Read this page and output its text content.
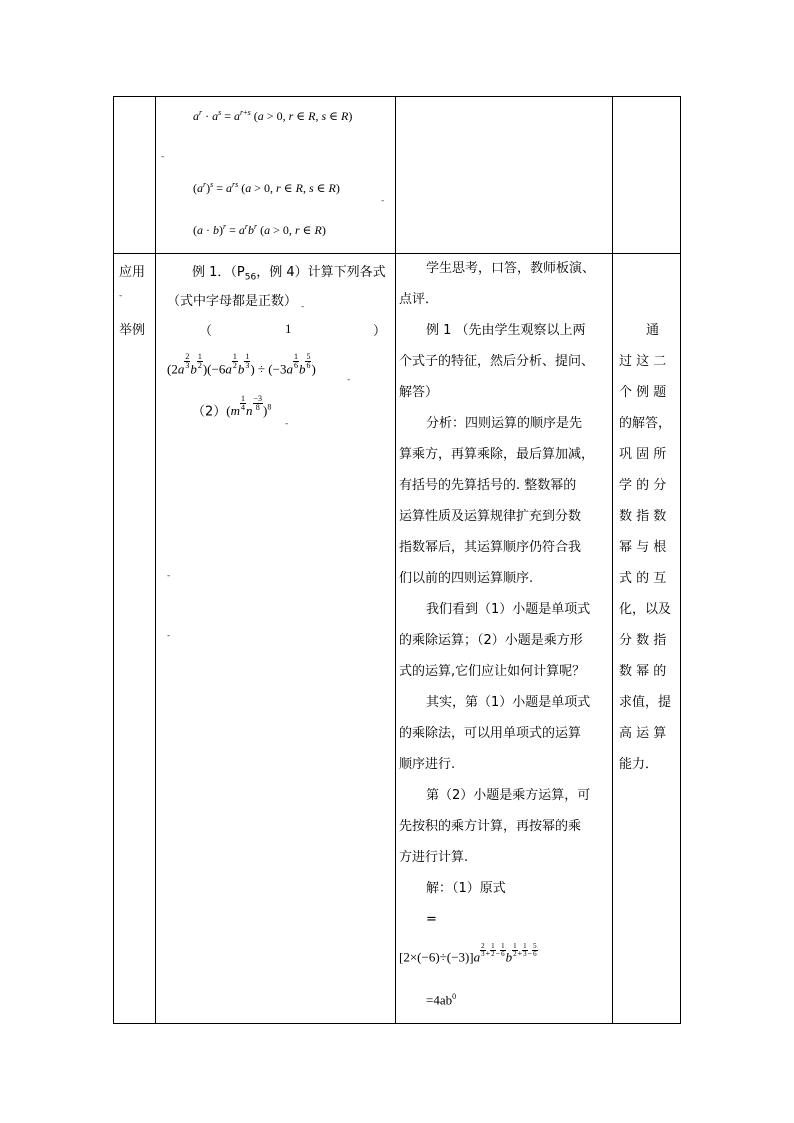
$a^r \cdot a^s = a^{r+s}$ (a > 0, r ∈ R, s ∈ R)
-
$(a^r)^s = a^{rs}$ (a > 0, r ∈ R, s ∈ R)
-
$(a \cdot b)^r = a^rb^r$ (a > 0, r ∈ R)
应用
-
举例
例 1．（$P_{56}$，例 4）计算下列各式
（式中字母都是正数） $_-$
（	1	）
($2a \frac{2}{3}$ b $\frac{1}{2} )(-6a \frac{1}{2}$ b $\frac{1}{3}$ ) ÷ ($-3a \frac{1}{6}$ b $\frac{5}{6}$ )
-
$(2)(m \frac{1}{4}$ n $\frac{-3}{8} )^8$
-
-
-
学生思考，口答，教师板演、
点评．
例 1 （先由学生观察以上两
个式子的特征，然后分析、提问、
解答）
分析：四则运算的顺序是先
算乘方，再算乘除，最后算加减，
有括号的先算括号的. 整数幂的
运算性质及运算规律扩充到分数
指数幂后，其运算顺序仍符合我
们以前的四则运算顺序.
我们看到（1）小题是单项式
的乘除运算；（2）小题是乘方形
式的运算,它们应让如何计算呢？
其实，第（1）小题是单项式
的乘除法，可以用单项式的运算
顺序进行.
第（2）小题是乘方运算，可
先按积的乘方计算，再按幂的乘
方进行计算.
解：（1）原式
=
$[2\times(-6)\div(-3)]a \frac{2}{3} ^+ \frac{1}{2} ^- \frac{1}{6}$ b $\frac{1}{2} ^+ \frac{1}{3} ^- \frac{5}{6}$
$=4ab^0$
通
过 这 二
个 例 题
的解答，
巩 固 所
学 的 分
数 指 数
幂 与 根
式 的 互
化，以及
分 数 指
数 幂 的
求值，提
高 运 算
能力．
